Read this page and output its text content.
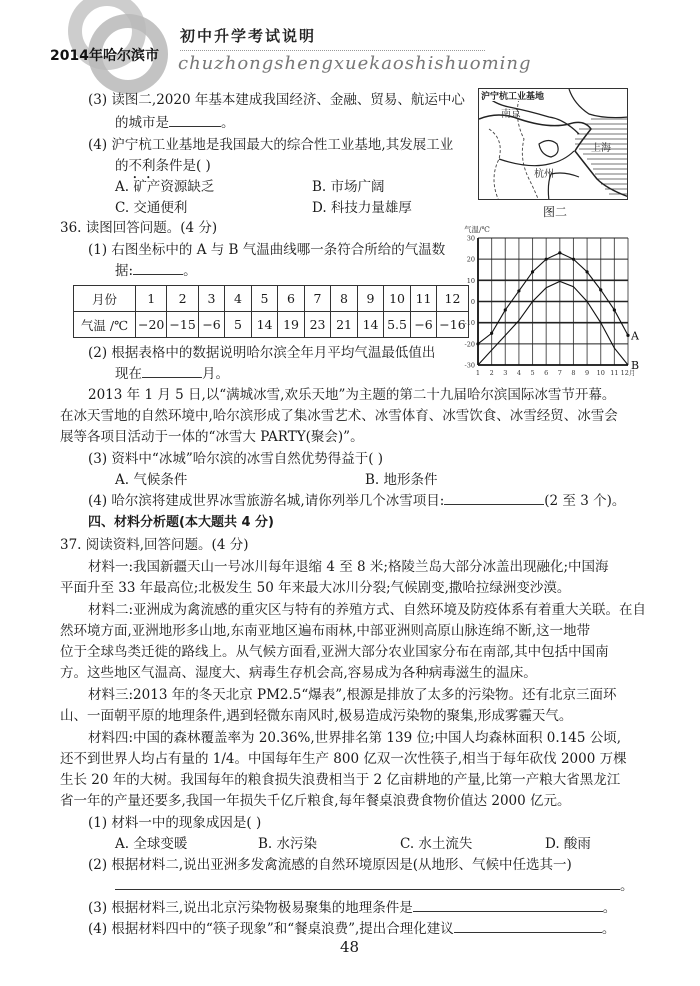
2014年哈尔滨市
初中升学考试说明
chuzhongshengxuekaoshishuoming
(3) 读图二,2020 年基本建成我国经济、金融、贸易、航运中心
的城市是	。
(4) 沪宁杭工业基地是我国最大的综合性工业基地,其发展工业
的不利条件是( )
A. 矿产资源缺乏	B. 市场广阔
C. 交通便利	D. 科技力量雄厚
沪宁杭工业基地
南京
上海
杭州
图二
36. 读图回答问题。(4 分)
(1) 右图坐标中的 A 与 B 气温曲线哪一条符合所给的气温数
据:	。
月份	1	2	3	4	5	6	7	8	9	10	11	12
气温 /℃	−20	−15	−6	5	14	19	23	21	14	5.5	−6	−16
(2) 根据表格中的数据说明哈尔滨全年月平均气温最低值出
现在	月。
气温/℃
30
20
10
0
-10
-20
-30
1 2 3 4 5 6 7 8 9 10 11 12月
A
B
2013 年 1 月 5 日,以“满城冰雪,欢乐天地”为主题的第二十九届哈尔滨国际冰雪节开幕。
在冰天雪地的自然环境中,哈尔滨形成了集冰雪艺术、冰雪体育、冰雪饮食、冰雪经贸、冰雪会
展等各项目活动于一体的“冰雪大 PARTY(聚会)”。
(3) 资料中“冰城”哈尔滨的冰雪自然优势得益于( )
A. 气候条件	B. 地形条件
(4) 哈尔滨将建成世界冰雪旅游名城,请你列举几个冰雪项目:	(2 至 3 个)。
四、材料分析题(本大题共 4 分)
37. 阅读资料,回答问题。(4 分)
材料一:我国新疆天山一号冰川每年退缩 4 至 8 米;格陵兰岛大部分冰盖出现融化;中国海
平面升至 33 年最高位;北极发生 50 年来最大冰川分裂;气候剧变,撒哈拉绿洲变沙漠。
材料二:亚洲成为禽流感的重灾区与特有的养殖方式、自然环境及防疫体系有着重大关联。在自
然环境方面,亚洲地形多山地,东南亚地区遍布雨林,中部亚洲则高原山脉连绵不断,这一地带
位于全球鸟类迁徙的路线上。从气候方面看,亚洲大部分农业国家分布在南部,其中包括中国南
方。这些地区气温高、湿度大、病毒生存机会高,容易成为各种病毒滋生的温床。
材料三:2013 年的冬天北京 PM2.5“爆表”,根源是排放了太多的污染物。还有北京三面环
山、一面朝平原的地理条件,遇到轻微东南风时,极易造成污染物的聚集,形成雾霾天气。
材料四:中国的森林覆盖率为 20.36%,世界排名第 139 位;中国人均森林面积 0.145 公顷,
还不到世界人均占有量的 1/4。中国每年生产 800 亿双一次性筷子,相当于每年砍伐 2000 万棵
生长 20 年的大树。我国每年的粮食损失浪费相当于 2 亿亩耕地的产量,比第一产粮大省黑龙江
省一年的产量还要多,我国一年损失千亿斤粮食,每年餐桌浪费食物价值达 2000 亿元。
(1) 材料一中的现象成因是( )
A. 全球变暖	B. 水污染	C. 水土流失	D. 酸雨
(2) 根据材料二,说出亚洲多发禽流感的自然环境原因是(从地形、气候中任选其一)
。
(3) 根据材料三,说出北京污染物极易聚集的地理条件是	。
(4) 根据材料四中的“筷子现象”和“餐桌浪费”,提出合理化建议	。
48
